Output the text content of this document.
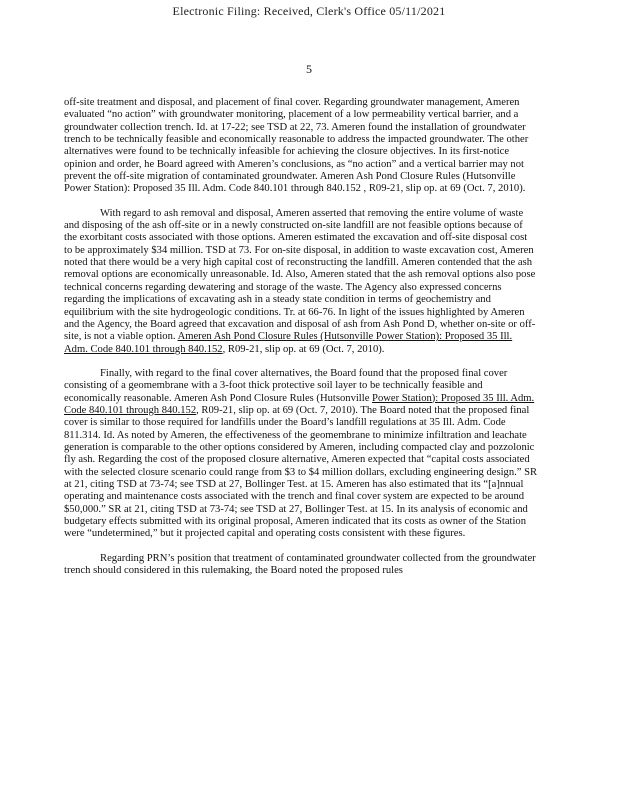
Electronic Filing: Received, Clerk's Office 05/11/2021
5

off-site treatment and disposal, and placement of final cover. Regarding groundwater management, Ameren evaluated “no action” with groundwater monitoring, placement of a low permeability vertical barrier, and a groundwater collection trench. Id. at 17-22; see TSD at 22, 73. Ameren found the installation of groundwater trench to be technically feasible and economically reasonable to address the impacted groundwater. The other alternatives were found to be technically infeasible for achieving the closure objectives. In its first-notice opinion and order, he Board agreed with Ameren’s conclusions, as “no action” and a vertical barrier may not prevent the off-site migration of contaminated groundwater. Ameren Ash Pond Closure Rules (Hutsonville Power Station): Proposed 35 Ill. Adm. Code 840.101 through 840.152 , R09-21, slip op. at 69 (Oct. 7, 2010).

With regard to ash removal and disposal, Ameren asserted that removing the entire volume of waste and disposing of the ash off-site or in a newly constructed on-site landfill are not feasible options because of the exorbitant costs associated with those options. Ameren estimated the excavation and off-site disposal cost to be approximately $34 million. TSD at 73. For on-site disposal, in addition to waste excavation cost, Ameren noted that there would be a very high capital cost of reconstructing the landfill. Ameren contended that the ash removal options are economically unreasonable. Id. Also, Ameren stated that the ash removal options also pose technical concerns regarding dewatering and storage of the waste. The Agency also expressed concerns regarding the implications of excavating ash in a steady state condition in terms of geochemistry and equilibrium with the site hydrogeologic conditions. Tr. at 66-76. In light of the issues highlighted by Ameren and the Agency, the Board agreed that excavation and disposal of ash from Ash Pond D, whether on-site or off-site, is not a viable option. Ameren Ash Pond Closure Rules (Hutsonville Power Station): Proposed 35 Ill. Adm. Code 840.101 through 840.152, R09-21, slip op. at 69 (Oct. 7, 2010).

Finally, with regard to the final cover alternatives, the Board found that the proposed final cover consisting of a geomembrane with a 3-foot thick protective soil layer to be technically feasible and economically reasonable. Ameren Ash Pond Closure Rules (Hutsonville Power Station): Proposed 35 Ill. Adm. Code 840.101 through 840.152, R09-21, slip op. at 69 (Oct. 7, 2010). The Board noted that the proposed final cover is similar to those required for landfills under the Board’s landfill regulations at 35 Ill. Adm. Code 811.314. Id. As noted by Ameren, the effectiveness of the geomembrane to minimize infiltration and leachate generation is comparable to the other options considered by Ameren, including compacted clay and pozzolonic fly ash. Regarding the cost of the proposed closure alternative, Ameren expected that “capital costs associated with the selected closure scenario could range from $3 to $4 million dollars, excluding engineering design.” SR at 21, citing TSD at 73-74; see TSD at 27, Bollinger Test. at 15. Ameren has also estimated that its “[a]nnual operating and maintenance costs associated with the trench and final cover system are expected to be around $50,000.” SR at 21, citing TSD at 73-74; see TSD at 27, Bollinger Test. at 15. In its analysis of economic and budgetary effects submitted with its original proposal, Ameren indicated that its costs as owner of the Station were “undetermined,” but it projected capital and operating costs consistent with these figures.

Regarding PRN’s position that treatment of contaminated groundwater collected from the groundwater trench should considered in this rulemaking, the Board noted the proposed rules
